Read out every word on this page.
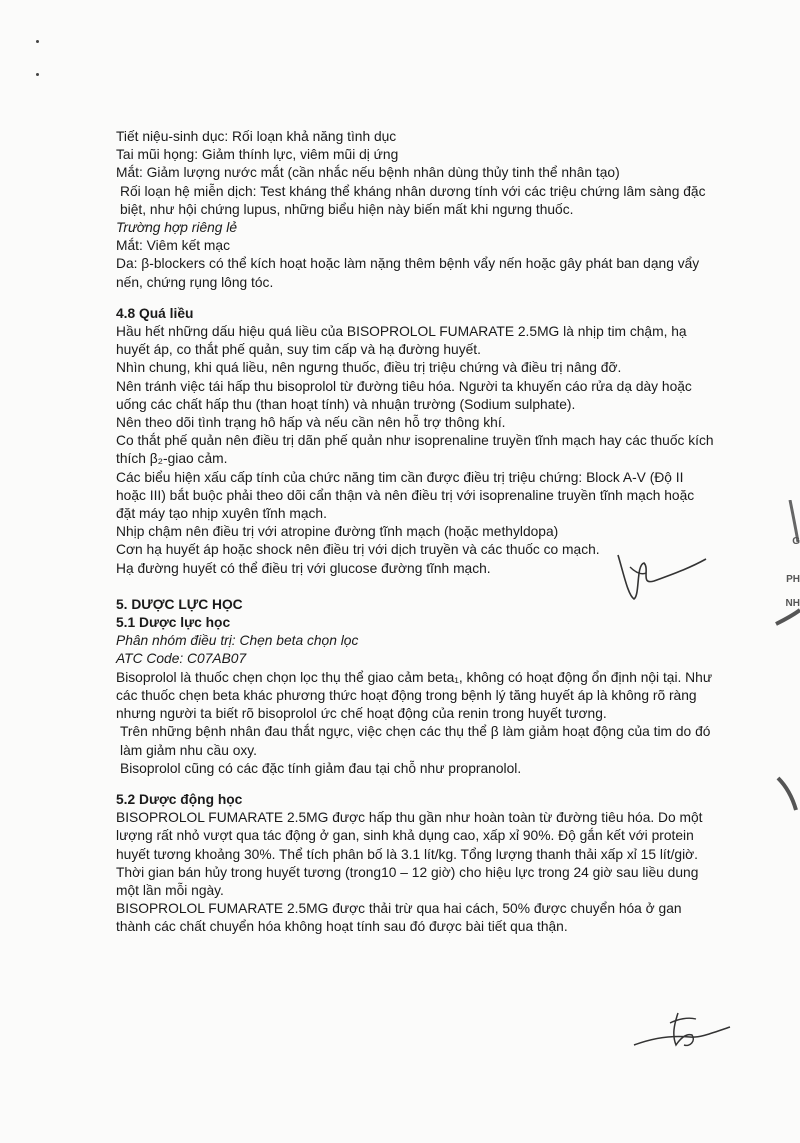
Tiết niệu-sinh dục: Rối loạn khả năng tình dục

Tai mũi họng: Giảm thính lực, viêm mũi dị ứng

Mắt: Giảm lượng nước mắt (cần nhắc nếu bệnh nhân dùng thủy tinh thể nhân tạo)

Rối loạn hệ miễn dịch: Test kháng thể kháng nhân dương tính với các triệu chứng lâm sàng đặc biệt, như hội chứng lupus, những biểu hiện này biến mất khi ngưng thuốc.

Trường hợp riêng lẻ

Mắt: Viêm kết mạc

Da: β-blockers có thể kích hoạt hoặc làm nặng thêm bệnh vẩy nến hoặc gây phát ban dạng vẩy nến, chứng rụng lông tóc.

4.8 Quá liều

Hầu hết những dấu hiệu quá liều của BISOPROLOL FUMARATE 2.5MG là nhịp tim chậm, hạ huyết áp, co thắt phế quản, suy tim cấp và hạ đường huyết.

Nhìn chung, khi quá liều, nên ngưng thuốc, điều trị triệu chứng và điều trị nâng đỡ.

Nên tránh việc tái hấp thu bisoprolol từ đường tiêu hóa. Người ta khuyến cáo rửa dạ dày hoặc uống các chất hấp thu (than hoạt tính) và nhuận trường (Sodium sulphate).

Nên theo dõi tình trạng hô hấp và nếu cần nên hỗ trợ thông khí.

Co thắt phế quản nên điều trị dãn phế quản như isoprenaline truyền tĩnh mạch hay các thuốc kích thích β₂-giao cảm.

Các biểu hiện xấu cấp tính của chức năng tim cần được điều trị triệu chứng: Block A-V (Độ II hoặc III) bắt buộc phải theo dõi cẩn thận và nên điều trị với isoprenaline truyền tĩnh mạch hoặc đặt máy tạo nhịp xuyên tĩnh mạch.

Nhịp chậm nên điều trị với atropine đường tĩnh mạch (hoặc methyldopa)

Cơn hạ huyết áp hoặc shock nên điều trị với dịch truyền và các thuốc co mạch.

Hạ đường huyết có thể điều trị với glucose đường tĩnh mạch.

5. DƯỢC LỰC HỌC

5.1 Dược lực học

Phân nhóm điều trị: Chẹn beta chọn lọc

ATC Code: C07AB07

Bisoprolol là thuốc chẹn chọn lọc thụ thể giao cảm beta₁, không có hoạt động ổn định nội tại. Như các thuốc chẹn beta khác phương thức hoạt động trong bệnh lý tăng huyết áp là không rõ ràng nhưng người ta biết rõ bisoprolol ức chế hoạt động của renin trong huyết tương.

Trên những bệnh nhân đau thắt ngực, việc chẹn các thụ thể β làm giảm hoạt động của tim do đó làm giảm nhu cầu oxy.

Bisoprolol cũng có các đặc tính giảm đau tại chỗ như propranolol.

5.2 Dược động học

BISOPROLOL FUMARATE 2.5MG được hấp thu gần như hoàn toàn từ đường tiêu hóa. Do một lượng rất nhỏ vượt qua tác động ở gan, sinh khả dụng cao, xấp xỉ 90%. Độ gắn kết với protein huyết tương khoảng 30%. Thể tích phân bố là 3.1 lít/kg. Tổng lượng thanh thải xấp xỉ 15 lít/giờ.

Thời gian bán hủy trong huyết tương (trong10 – 12 giờ) cho hiệu lực trong 24 giờ sau liều dung một lần mỗi ngày.

BISOPROLOL FUMARATE 2.5MG được thải trừ qua hai cách, 50% được chuyển hóa ở gan thành các chất chuyển hóa không hoạt tính sau đó được bài tiết qua thận.

G
PH
NH
